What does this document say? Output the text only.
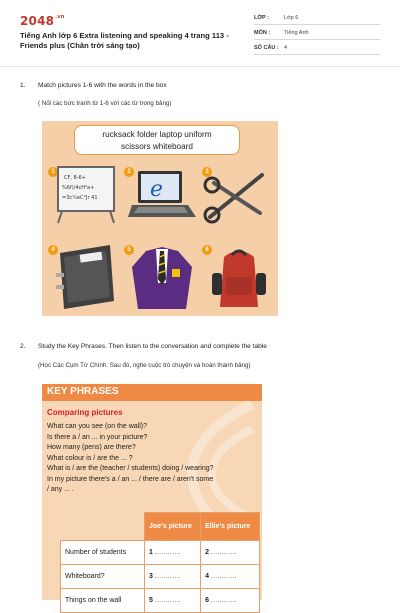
$2048^{.vn}$
Tiếng Anh lớp 6 Extra listening and speaking 4 trang 113 - Friends plus (Chân trời sáng tạo)
LỚP :	Lớp 6
MÔN :	Tiếng Anh
SỐ CÂU : 4
1. Match pictures 1-6 with the words in the box
( Nối các bức tranh từ 1-6 với các từ trong bảng)
rucksack folder laptop uniform
scissors whiteboard
1
CF, 8-6+
%6f)/4cH³a+
=3c¼eC°Jr 41
2
e
3
4	5	6
2. Study the Key Phrases. Then listen to the conversation and complete the table
(Học Các Cụm Từ Chính. Sau đó, nghe cuộc trò chuyện và hoàn thành bảng)
KEY PHRASES
Comparing pictures
What can you see (on the wall)?
Is there a / an ... in your picture?
How many (pens) are there?
What colour is / are the ... ?
What is / are the (teacher / students) doing / wearing?
In my picture there's a / an ... / there are / aren't some
/ any ... .
	Joe's picture	Ellie's picture
Number of students	1 ............	2 ............
Whiteboard?	3 ............	4 ............
Things on the wall	5 ............	6 ............
